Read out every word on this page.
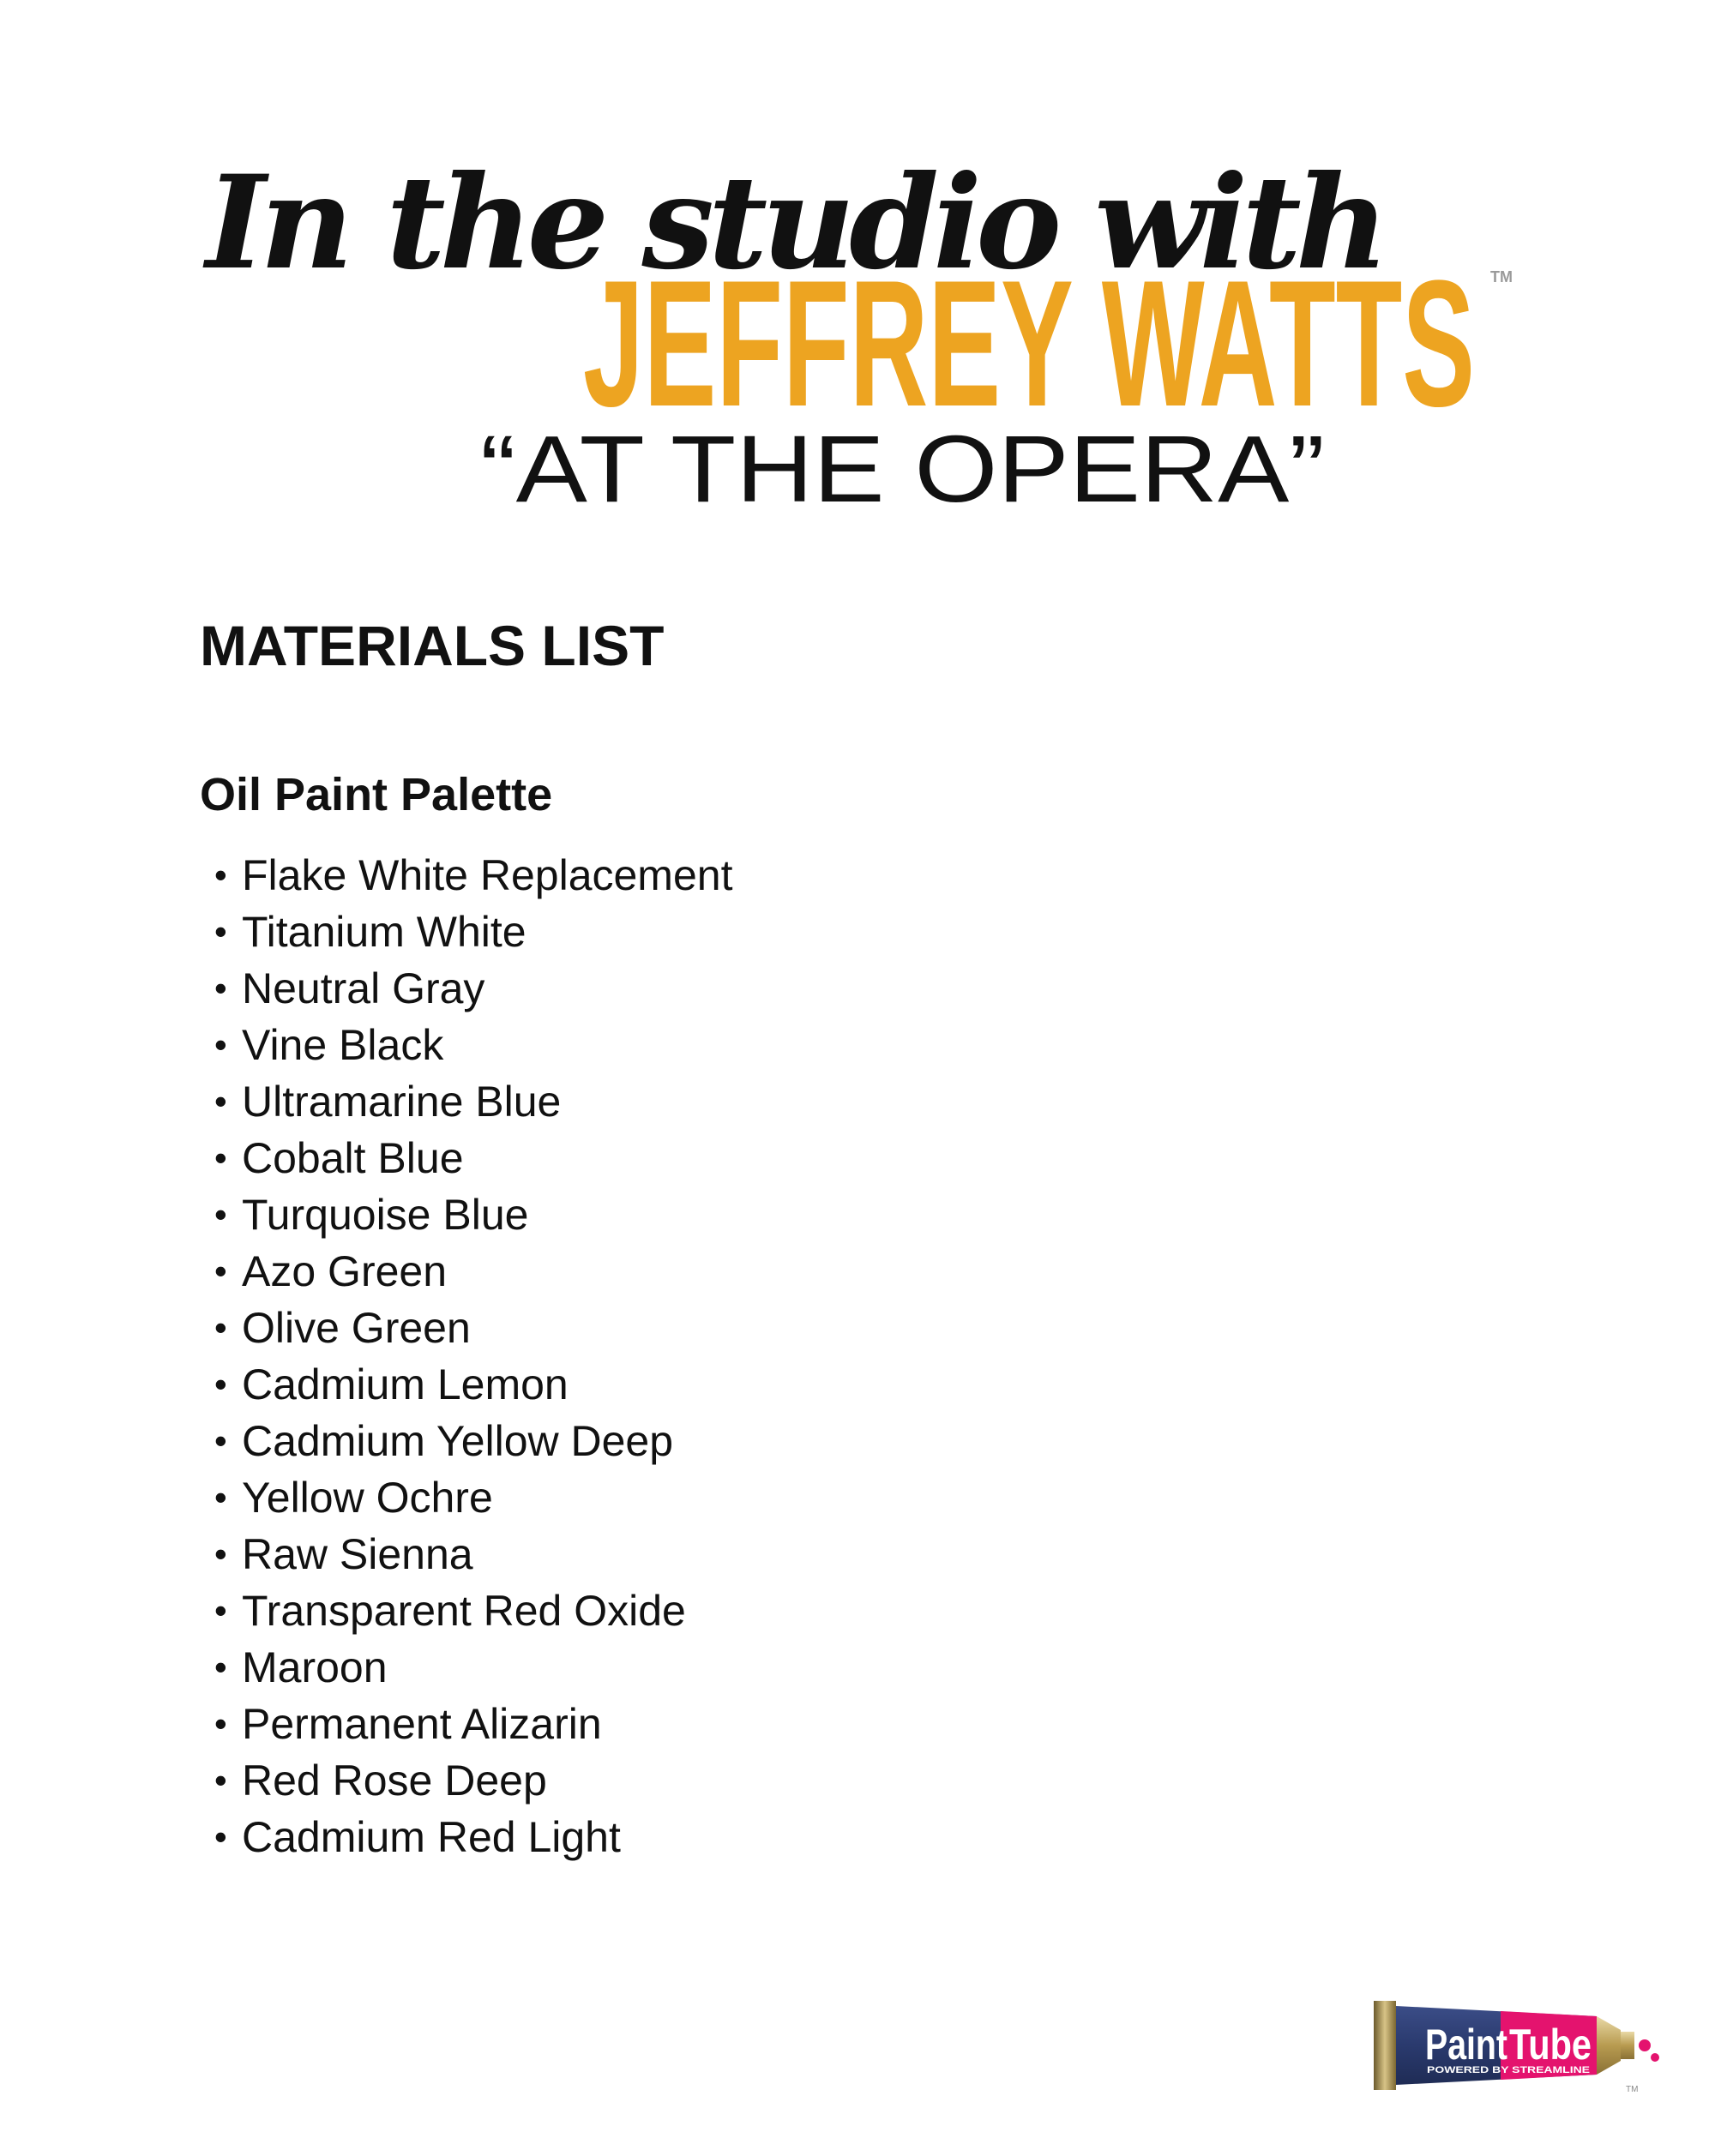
In the studio with
JEFFREY WATTS TM
“AT THE OPERA”
MATERIALS LIST
Oil Paint Palette
• Flake White Replacement
• Titanium White
• Neutral Gray
• Vine Black
• Ultramarine Blue
• Cobalt Blue
• Turquoise Blue
• Azo Green
• Olive Green
• Cadmium Lemon
• Cadmium Yellow Deep
• Yellow Ochre
• Raw Sienna
• Transparent Red Oxide
• Maroon
• Permanent Alizarin
• Red Rose Deep
• Cadmium Red Light
Paint Tube
POWERED BY STREAMLINE
TM
